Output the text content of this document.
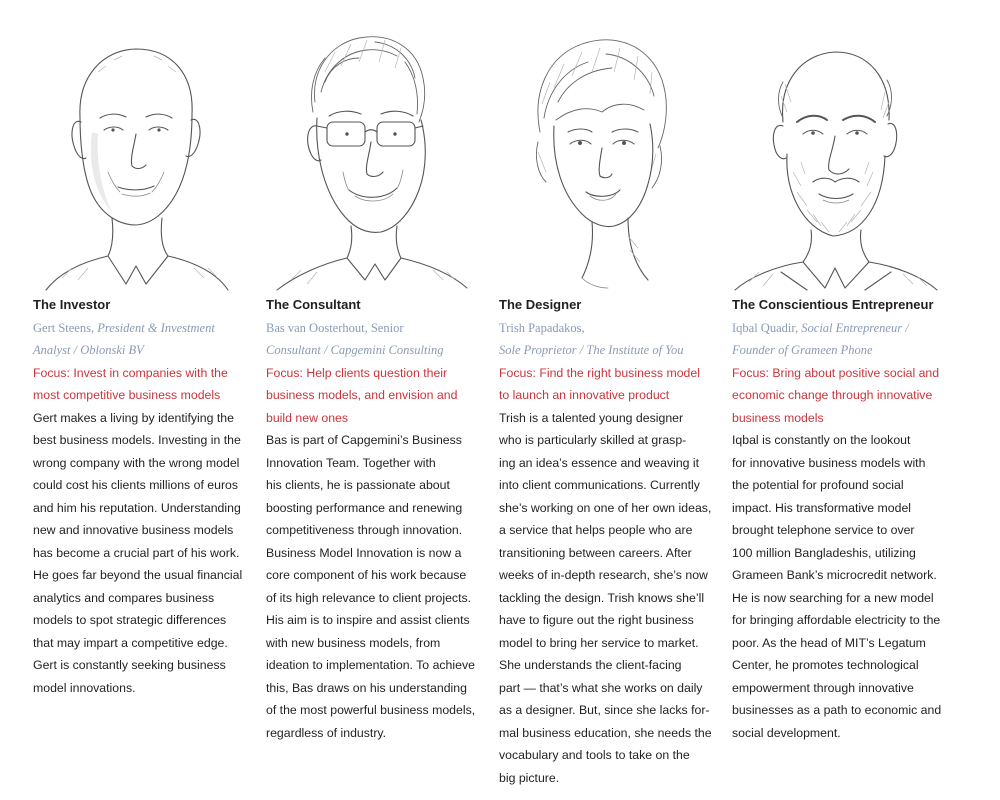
The Investor

Gert Steens, President & Investment
Analyst / Oblonski BV

Focus: Invest in companies with the
most competitive business models

Gert makes a living by identifying the
best business models. Investing in the
wrong company with the wrong model
could cost his clients millions of euros
and him his reputation. Understanding
new and innovative business models
has become a crucial part of his work.
He goes far beyond the usual financial
analytics and compares business
models to spot strategic differences
that may impart a competitive edge.
Gert is constantly seeking business
model innovations.

The Consultant

Bas van Oosterhout, Senior
Consultant / Capgemini Consulting

Focus: Help clients question their
business models, and envision and
build new ones

Bas is part of Capgemini’s Business
Innovation Team. Together with
his clients, he is passionate about
boosting performance and renewing
competitiveness through innovation.
Business Model Innovation is now a
core component of his work because
of its high relevance to client projects.
His aim is to inspire and assist clients
with new business models, from
ideation to implementation. To achieve
this, Bas draws on his understanding
of the most powerful business models,
regardless of industry.

The Designer

Trish Papadakos,
Sole Proprietor / The Institute of You

Focus: Find the right business model
to launch an innovative product

Trish is a talented young designer
who is particularly skilled at grasp-
ing an idea’s essence and weaving it
into client communications. Currently
she’s working on one of her own ideas,
a service that helps people who are
transitioning between careers. After
weeks of in-depth research, she’s now
tackling the design. Trish knows she’ll
have to figure out the right business
model to bring her service to market.
She understands the client-facing
part — that’s what she works on daily
as a designer. But, since she lacks for-
mal business education, she needs the
vocabulary and tools to take on the
big picture.

The Conscientious Entrepreneur

Iqbal Quadir, Social Entrepreneur /
Founder of Grameen Phone

Focus: Bring about positive social and
economic change through innovative
business models

Iqbal is constantly on the lookout
for innovative business models with
the potential for profound social
impact. His transformative model
brought telephone service to over
100 million Bangladeshis, utilizing
Grameen Bank’s microcredit network.
He is now searching for a new model
for bringing affordable electricity to the
poor. As the head of MIT’s Legatum
Center, he promotes technological
empowerment through innovative
businesses as a path to economic and
social development.
